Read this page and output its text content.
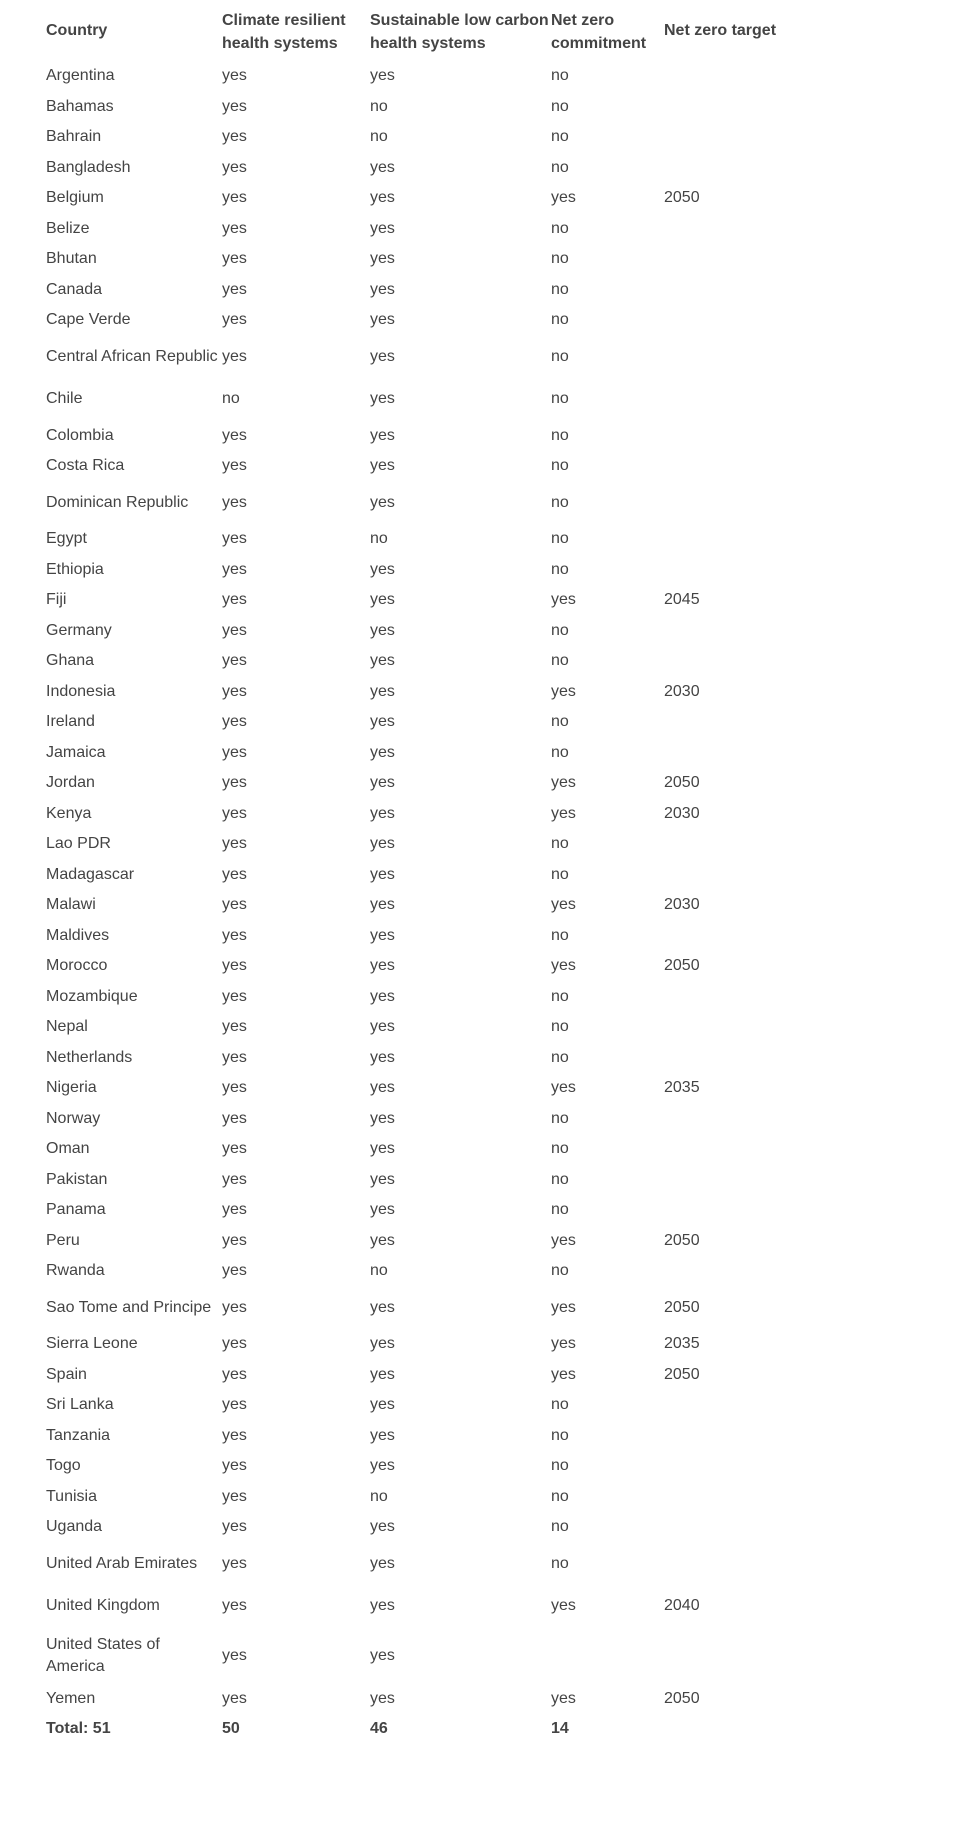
Country	Climate resilient health systems	Sustainable low carbon health systems	Net zero commitment	Net zero target
Argentina	yes	yes	no	
Bahamas	yes	no	no	
Bahrain	yes	no	no	
Bangladesh	yes	yes	no	
Belgium	yes	yes	yes	2050
Belize	yes	yes	no	
Bhutan	yes	yes	no	
Canada	yes	yes	no	
Cape Verde	yes	yes	no	
Central African Republic	yes	yes	no	
Chile	no	yes	no	
Colombia	yes	yes	no	
Costa Rica	yes	yes	no	
Dominican Republic	yes	yes	no	
Egypt	yes	no	no	
Ethiopia	yes	yes	no	
Fiji	yes	yes	yes	2045
Germany	yes	yes	no	
Ghana	yes	yes	no	
Indonesia	yes	yes	yes	2030
Ireland	yes	yes	no	
Jamaica	yes	yes	no	
Jordan	yes	yes	yes	2050
Kenya	yes	yes	yes	2030
Lao PDR	yes	yes	no	
Madagascar	yes	yes	no	
Malawi	yes	yes	yes	2030
Maldives	yes	yes	no	
Morocco	yes	yes	yes	2050
Mozambique	yes	yes	no	
Nepal	yes	yes	no	
Netherlands	yes	yes	no	
Nigeria	yes	yes	yes	2035
Norway	yes	yes	no	
Oman	yes	yes	no	
Pakistan	yes	yes	no	
Panama	yes	yes	no	
Peru	yes	yes	yes	2050
Rwanda	yes	no	no	
Sao Tome and Principe	yes	yes	yes	2050
Sierra Leone	yes	yes	yes	2035
Spain	yes	yes	yes	2050
Sri Lanka	yes	yes	no	
Tanzania	yes	yes	no	
Togo	yes	yes	no	
Tunisia	yes	no	no	
Uganda	yes	yes	no	
United Arab Emirates	yes	yes	no	
United Kingdom	yes	yes	yes	2040
United States of America	yes	yes		
Yemen	yes	yes	yes	2050
Total: 51	50	46	14	
